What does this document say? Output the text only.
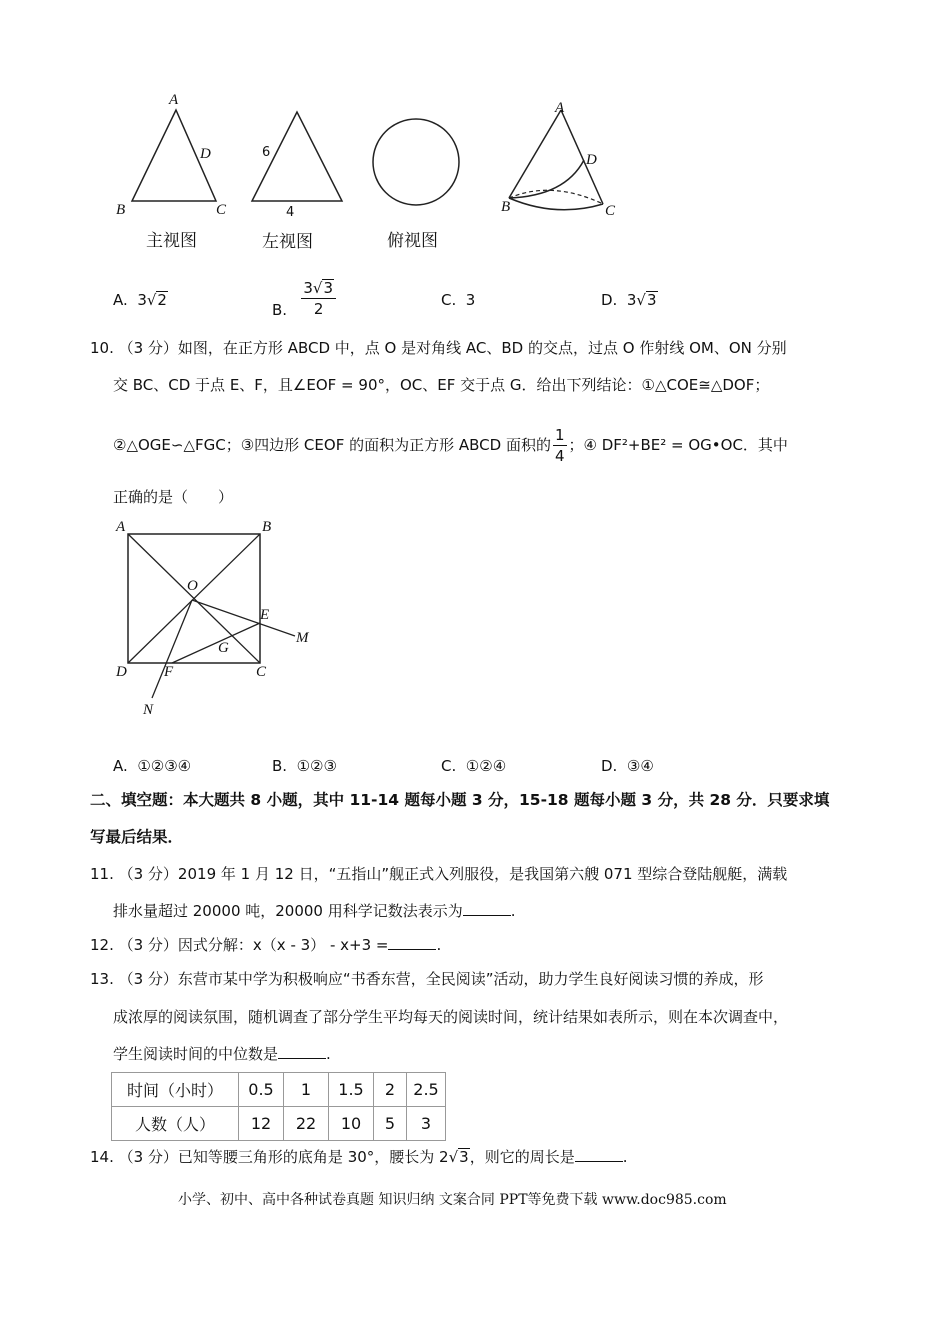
A
D
B	C
主视图
6
4
左视图	俯视图
A
D
B	C
A. 3√2
B. $\frac{3√3}{2}$	C. 3	D. 3√3
10. （3 分）如图，在正方形 ABCD 中，点 O 是对角线 AC、BD 的交点，过点 O 作射线 OM、ON 分别
交 BC、CD 于点 E、F，且∠EOF = 90°，OC、EF 交于点 G．给出下列结论：①△COE≅△DOF；
②△OGE∽△FGC；③四边形 CEOF 的面积为正方形 ABCD 面积的 $\frac{1}{4}$ ；④ DF²+BE² = OG•OC．其中
正确的是（　　）
A	B
O
E
M
G
D F	C
N
A. ①②③④	B. ①②③	C. ①②④	D. ③④
二、填空题：本大题共 8 小题，其中 11-14 题每小题 3 分，15-18 题每小题 3 分，共 28 分．只要求填
写最后结果．
11. （3 分）2019 年 1 月 12 日，“五指山”舰正式入列服役，是我国第六艘 071 型综合登陆舰艇，满载
排水量超过 20000 吨，20000 用科学记数法表示为	.
12. （3 分）因式分解：x（x - 3） - x+3 =	.
13. （3 分）东营市某中学为积极响应“书香东营，全民阅读”活动，助力学生良好阅读习惯的养成，形
成浓厚的阅读氛围，随机调查了部分学生平均每天的阅读时间，统计结果如表所示，则在本次调查中，
学生阅读时间的中位数是	.
时间（小时）	0.5	1	1.5	2	2.5
人数（人）	12	22	10	5	3
14. （3 分）已知等腰三角形的底角是 30°，腰长为 2√3，则它的周长是	.
小学、初中、高中各种试卷真题 知识归纳 文案合同 PPT等免费下载 www.doc985.com
